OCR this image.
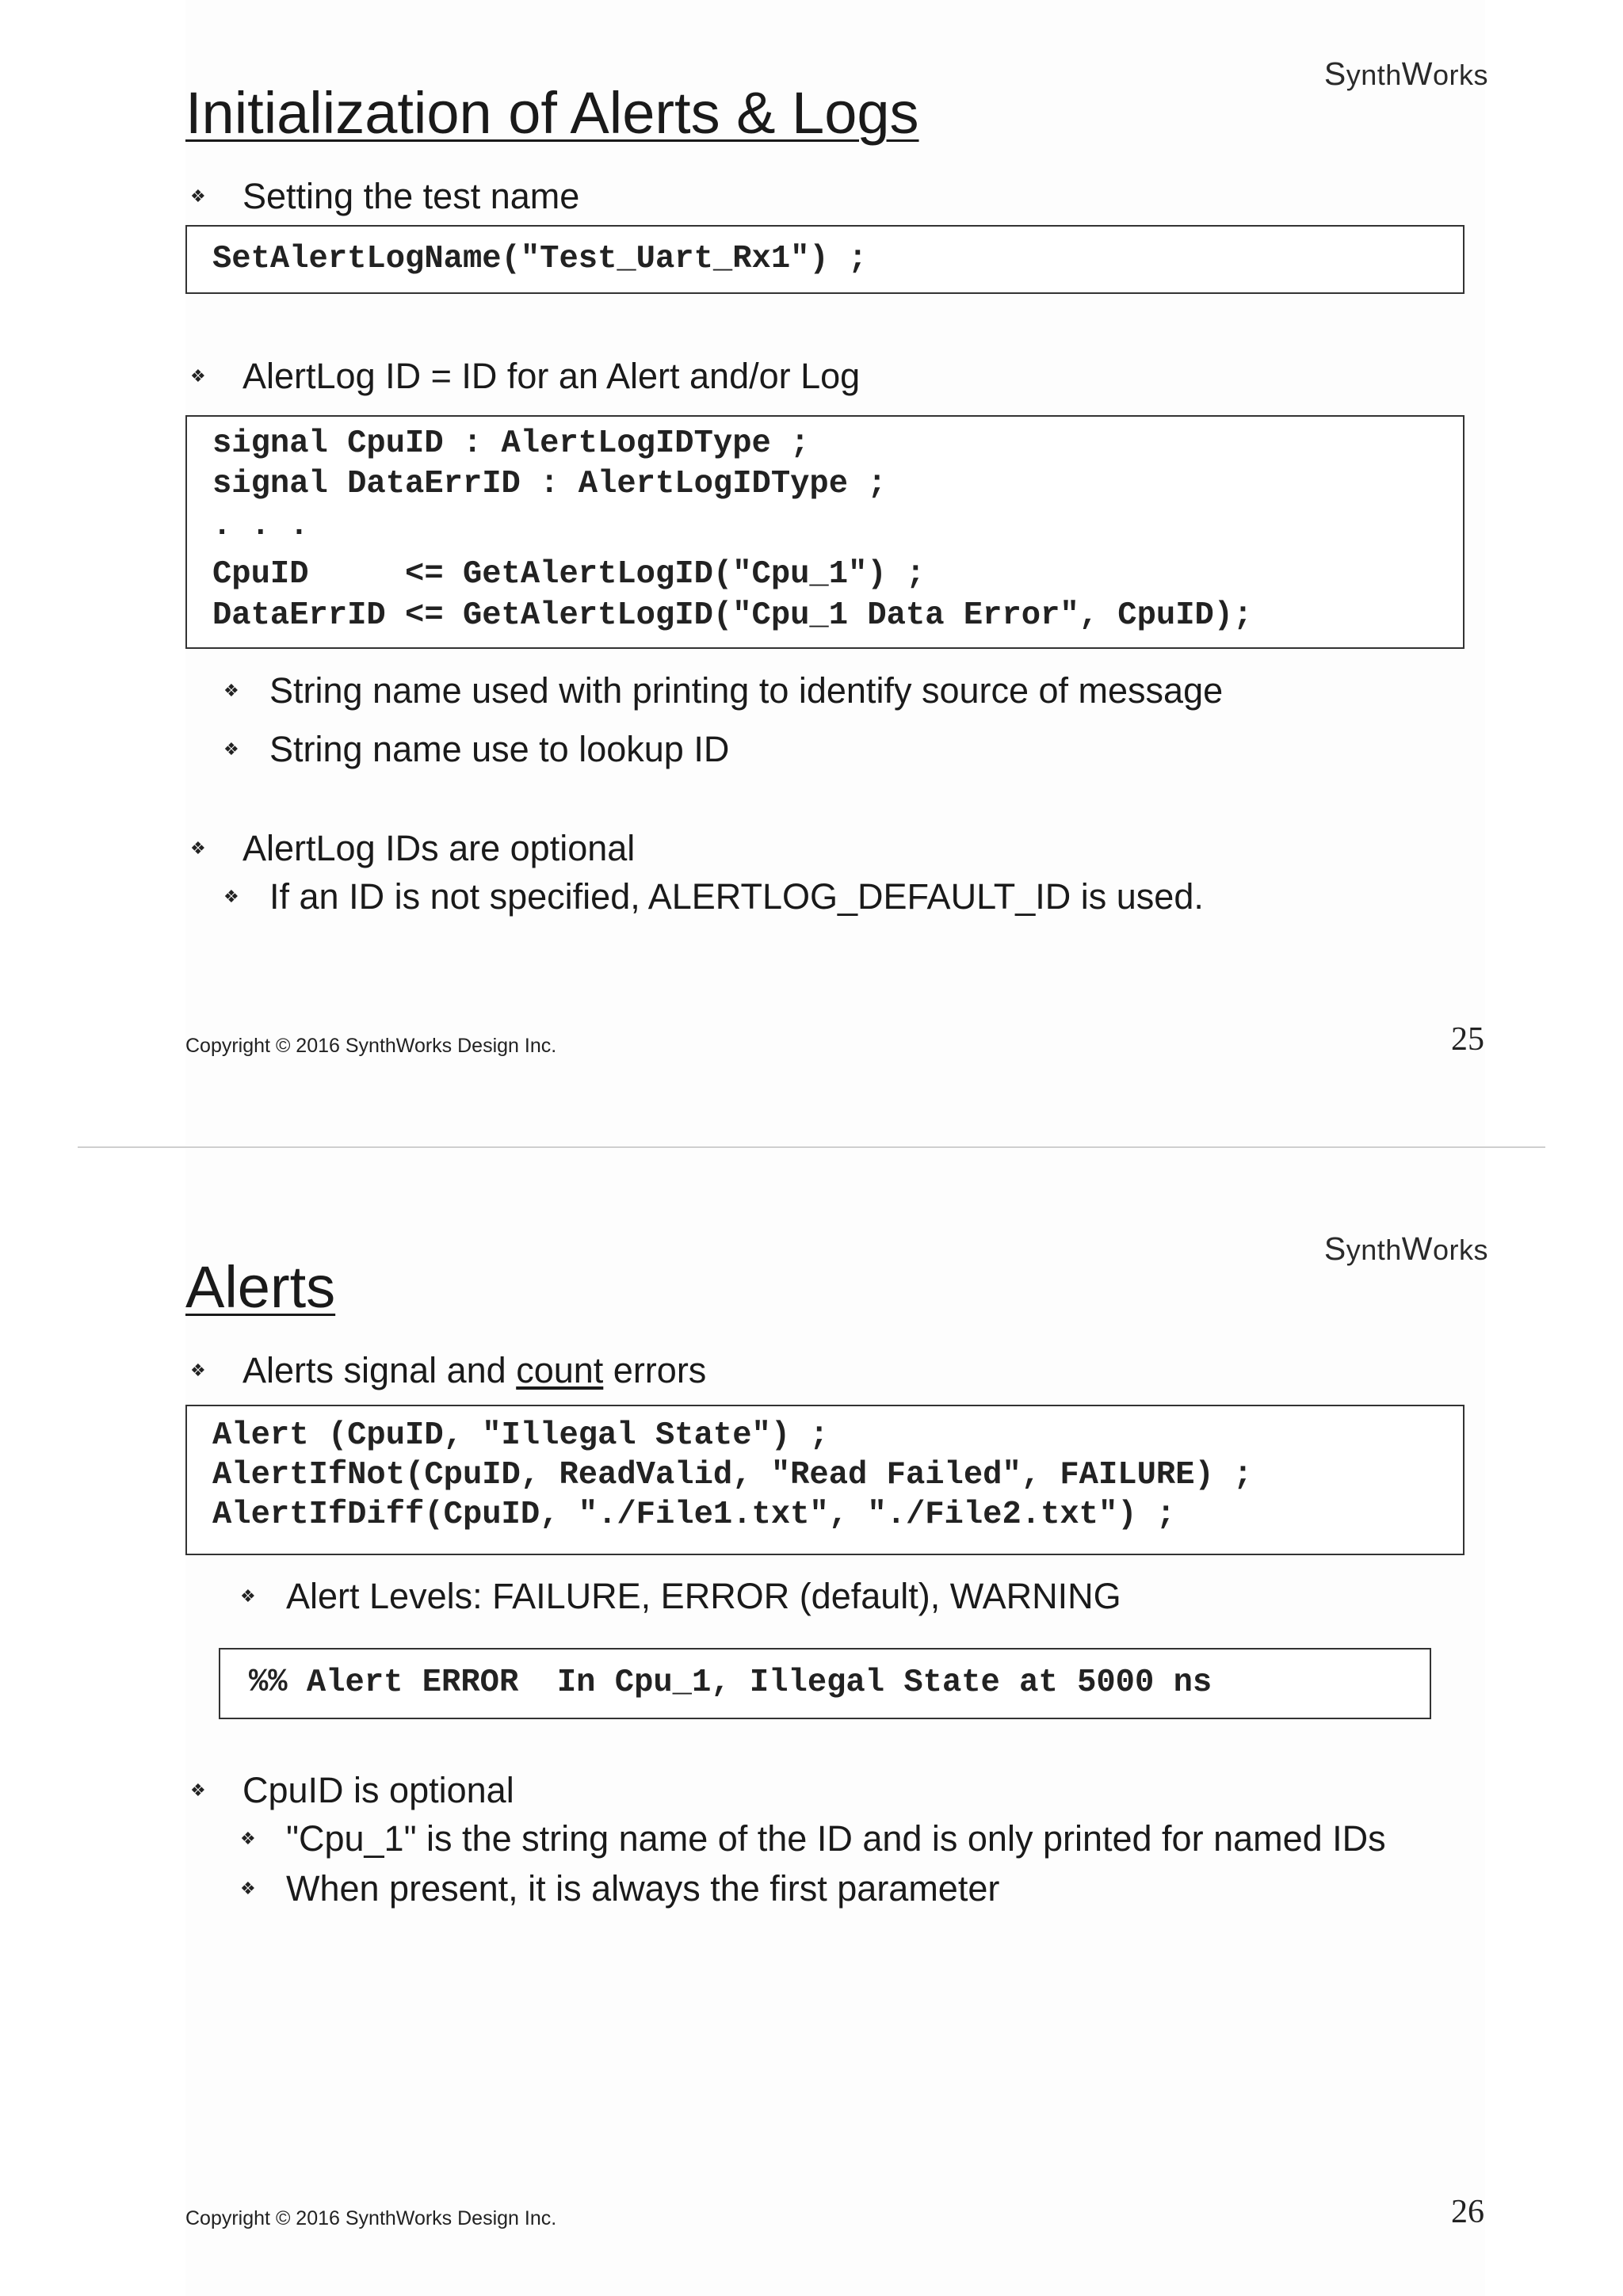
SynthWorks
Initialization of Alerts & Logs
❖ Setting the test name
SetAlertLogName("Test_Uart_Rx1") ;
❖ AlertLog ID = ID for an Alert and/or Log
signal CpuID : AlertLogIDType ;
signal DataErrID : AlertLogIDType ;
. . .
CpuID     <= GetAlertLogID("Cpu_1") ;
DataErrID <= GetAlertLogID("Cpu_1 Data Error", CpuID);
❖ String name used with printing to identify source of message
❖ String name use to lookup ID
❖ AlertLog IDs are optional
❖ If an ID is not specified, ALERTLOG_DEFAULT_ID is used.
Copyright © 2016 SynthWorks Design Inc.	25
SynthWorks
Alerts
❖ Alerts signal and count errors
Alert (CpuID, "Illegal State") ;
AlertIfNot(CpuID, ReadValid, "Read Failed", FAILURE) ;
AlertIfDiff(CpuID, "./File1.txt", "./File2.txt") ;
❖ Alert Levels: FAILURE, ERROR (default), WARNING
%% Alert ERROR  In Cpu_1, Illegal State at 5000 ns
❖ CpuID is optional
❖ "Cpu_1" is the string name of the ID and is only printed for named IDs
❖ When present, it is always the first parameter
Copyright © 2016 SynthWorks Design Inc.	26
